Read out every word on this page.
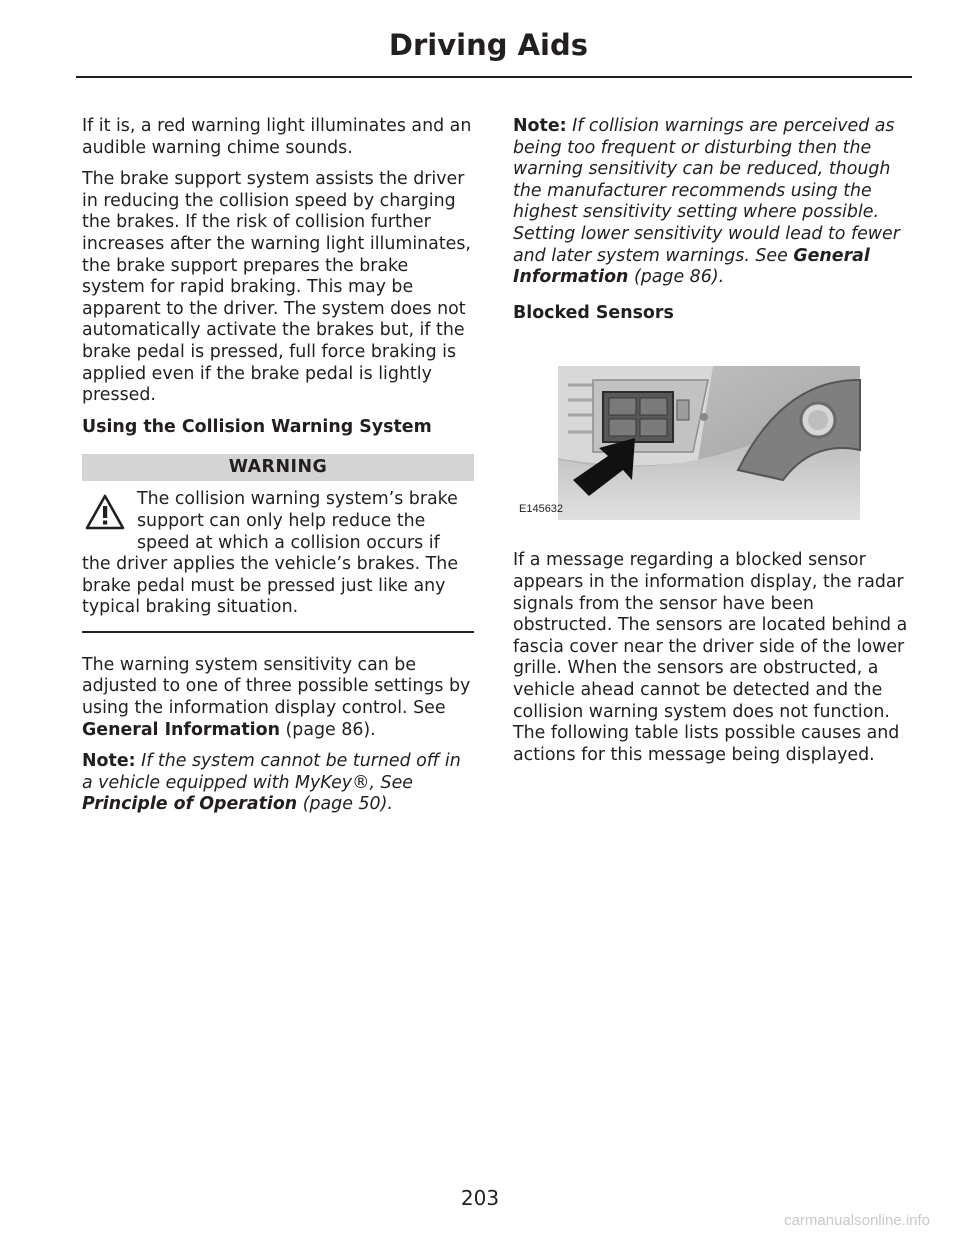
Driving Aids

If it is, a red warning light illuminates and an audible warning chime sounds.

The brake support system assists the driver in reducing the collision speed by charging the brakes. If the risk of collision further increases after the warning light illuminates, the brake support prepares the brake system for rapid braking. This may be apparent to the driver. The system does not automatically activate the brakes but, if the brake pedal is pressed, full force braking is applied even if the brake pedal is lightly pressed.

Using the Collision Warning System
WARNING

The collision warning system’s brake support can only help reduce the speed at which a collision occurs if
the driver applies the vehicle’s brakes. The brake pedal must be pressed just like any typical braking situation.

The warning system sensitivity can be adjusted to one of three possible settings by using the information display control. See General Information (page 86).

Note: If the system cannot be turned off in a vehicle equipped with MyKey®, See Principle of Operation (page 50).

Note: If collision warnings are perceived as being too frequent or disturbing then the warning sensitivity can be reduced, though the manufacturer recommends using the highest sensitivity setting where possible. Setting lower sensitivity would lead to fewer and later system warnings. See General Information (page 86).

Blocked Sensors
E145632

If a message regarding a blocked sensor appears in the information display, the radar signals from the sensor have been obstructed. The sensors are located behind a fascia cover near the driver side of the lower grille. When the sensors are obstructed, a vehicle ahead cannot be detected and the collision warning system does not function. The following table lists possible causes and actions for this message being displayed.

203
carmanualsonline.info
